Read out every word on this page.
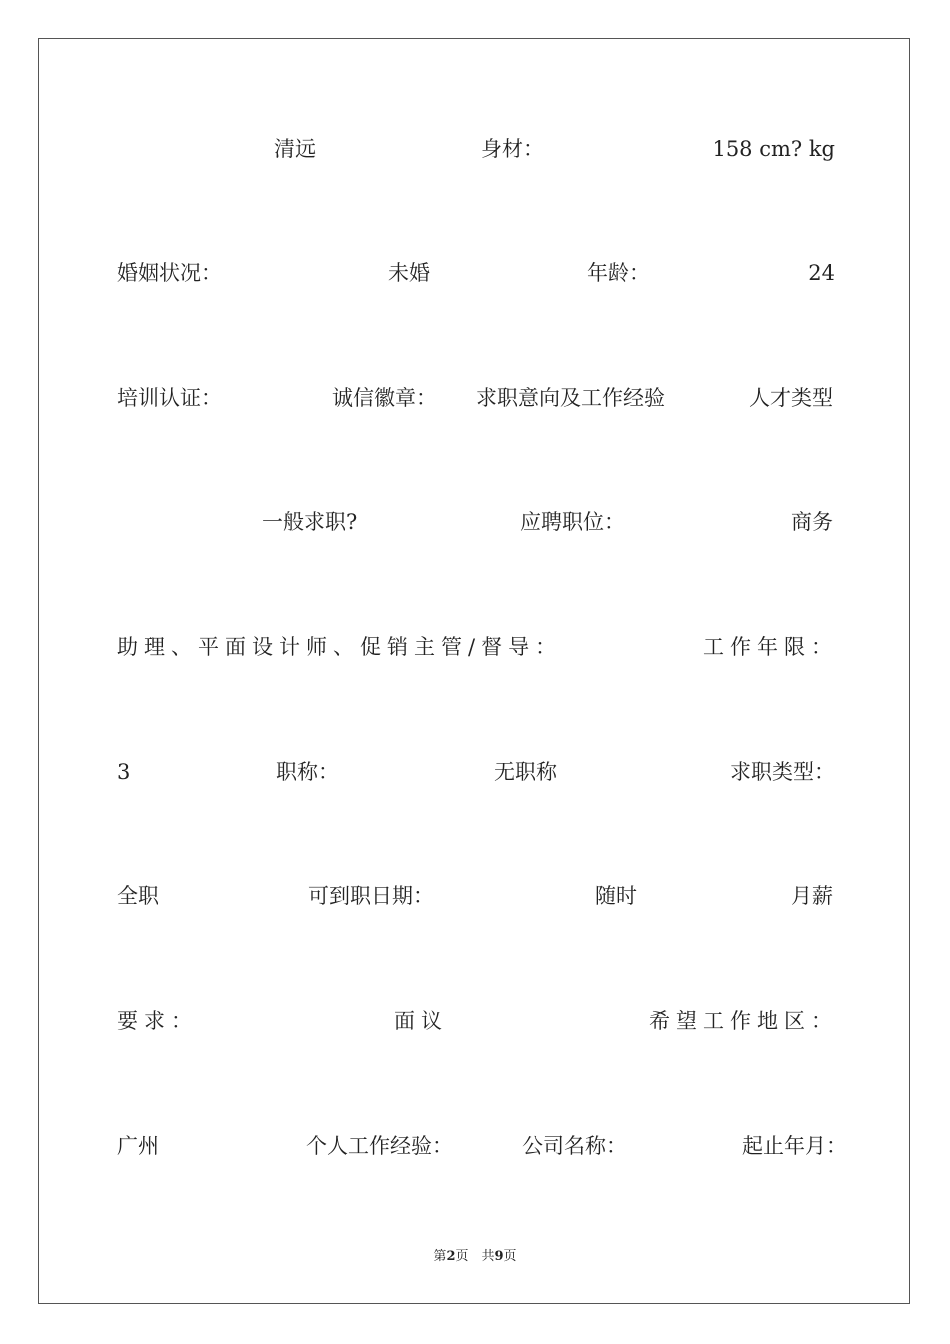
清远	身材：	158 cm? kg
婚姻状况：	未婚	年龄：	24
培训认证：	诚信徽章： 求职意向及工作经验	人才类型
一般求职?	应聘职位：	商务
助理、平面设计师、促销主管/督导：	工作年限：
3	职称：	无职称	求职类型：
全职	可到职日期：	随时	月薪
要求：	面议	希望工作地区：
广州	个人工作经验：	公司名称：	起止年月：
第2页　共9页
